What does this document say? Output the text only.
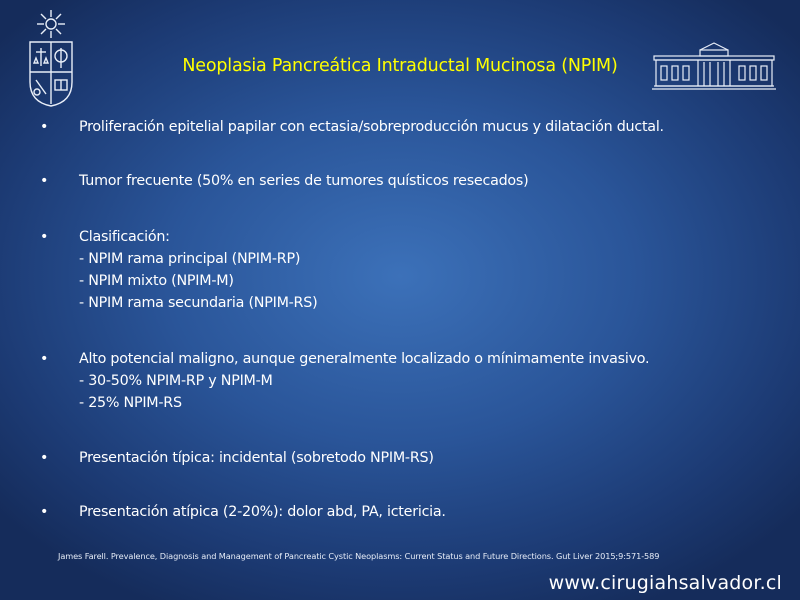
Neoplasia Pancreática Intraductal Mucinosa (NPIM)
•	Proliferación epitelial papilar con ectasia/sobreproducción mucus y dilatación ductal.
•	Tumor frecuente (50% en series de tumores quísticos resecados)
•	Clasificación:
- NPIM rama principal (NPIM-RP)
- NPIM mixto (NPIM-M)
- NPIM rama secundaria (NPIM-RS)
•	Alto potencial maligno, aunque generalmente localizado o mínimamente invasivo.
- 30-50% NPIM-RP y NPIM-M
- 25% NPIM-RS
•	Presentación típica: incidental (sobretodo NPIM-RS)
•	Presentación atípica (2-20%): dolor abd, PA, ictericia.
James Farell. Prevalence, Diagnosis and Management of Pancreatic Cystic Neoplasms: Current Status and Future Directions. Gut Liver 2015;9:571-589
www.cirugiahsalvador.cl
